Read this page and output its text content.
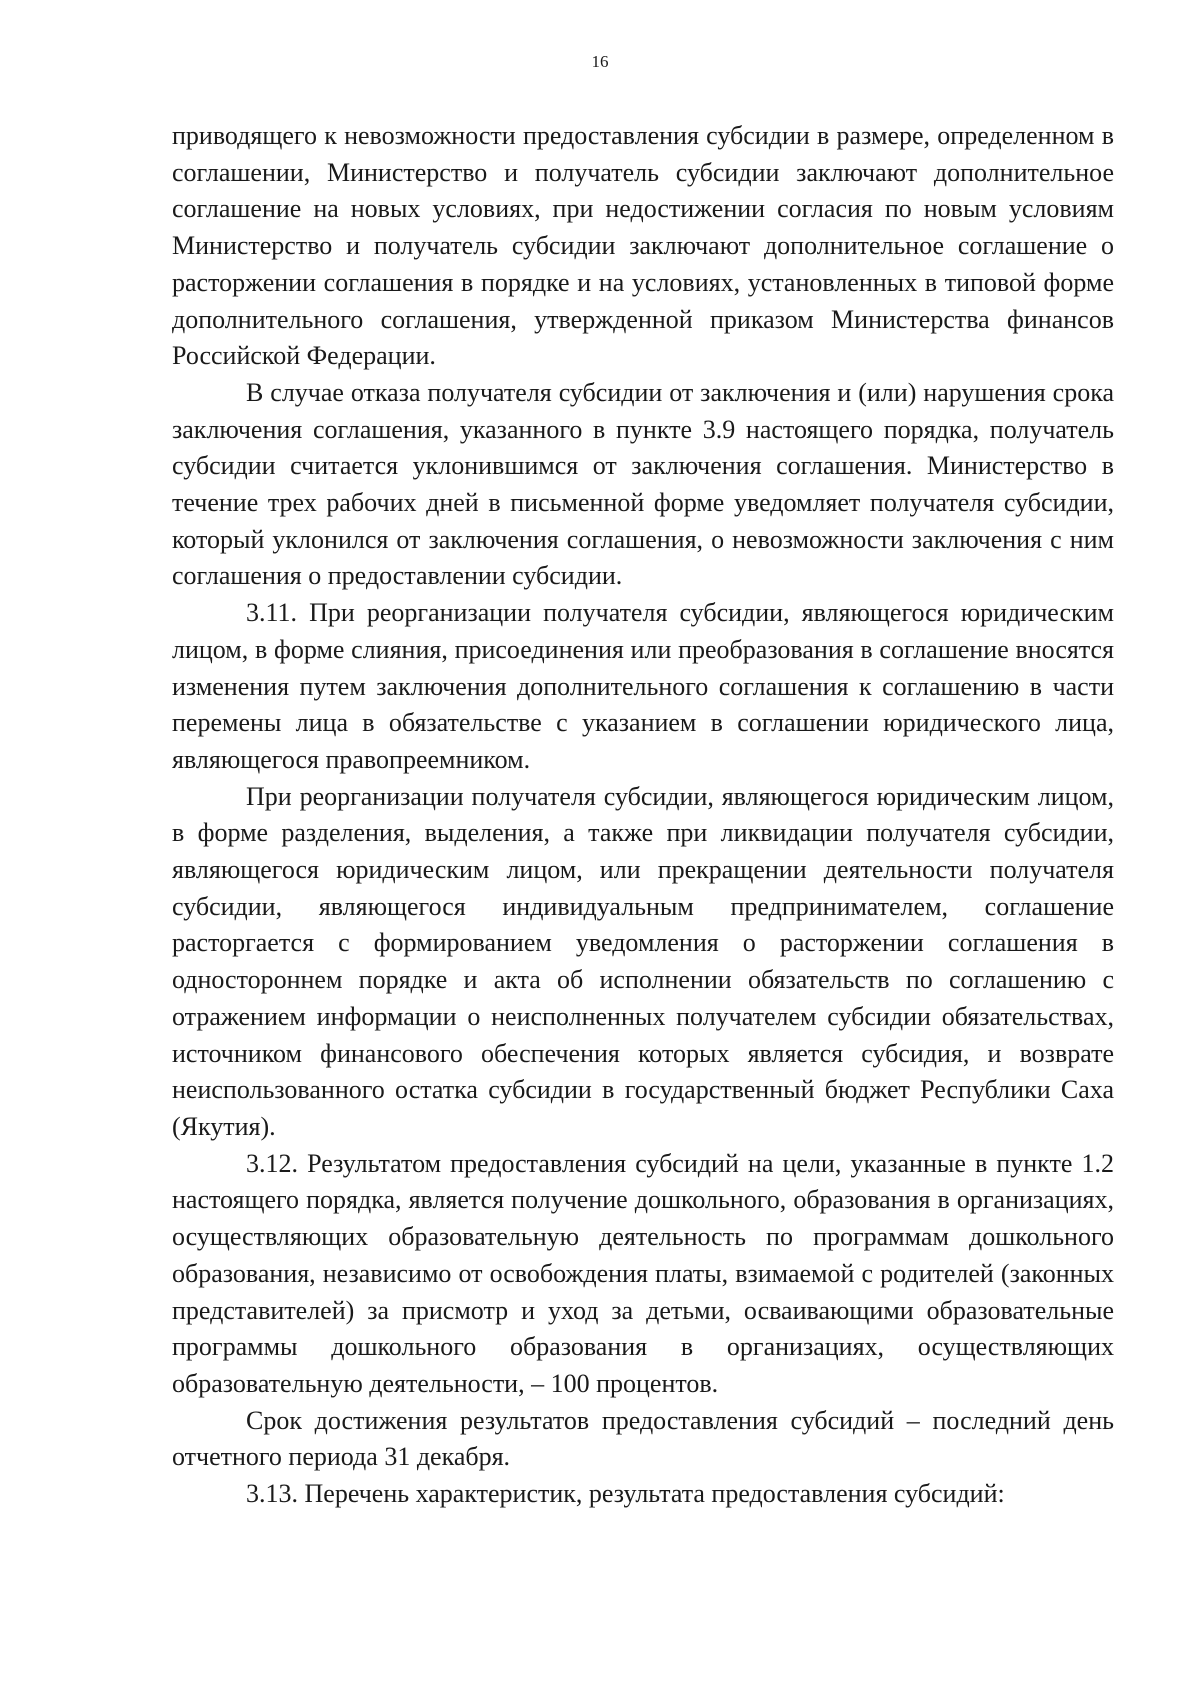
16

приводящего к невозможности предоставления субсидии в размере, определенном в соглашении, Министерство и получатель субсидии заключают дополнительное соглашение на новых условиях, при недостижении согласия по новым условиям Министерство и получатель субсидии заключают дополнительное соглашение о расторжении соглашения в порядке и на условиях, установленных в типовой форме дополнительного соглашения, утвержденной приказом Министерства финансов Российской Федерации.

В случае отказа получателя субсидии от заключения и (или) нарушения срока заключения соглашения, указанного в пункте 3.9 настоящего порядка, получатель субсидии считается уклонившимся от заключения соглашения. Министерство в течение трех рабочих дней в письменной форме уведомляет получателя субсидии, который уклонился от заключения соглашения, о невозможности заключения с ним соглашения о предоставлении субсидии.

3.11. При реорганизации получателя субсидии, являющегося юридическим лицом, в форме слияния, присоединения или преобразования в соглашение вносятся изменения путем заключения дополнительного соглашения к соглашению в части перемены лица в обязательстве с указанием в соглашении юридического лица, являющегося правопреемником.

При реорганизации получателя субсидии, являющегося юридическим лицом, в форме разделения, выделения, а также при ликвидации получателя субсидии, являющегося юридическим лицом, или прекращении деятельности получателя субсидии, являющегося индивидуальным предпринимателем, соглашение расторгается с формированием уведомления о расторжении соглашения в одностороннем порядке и акта об исполнении обязательств по соглашению с отражением информации о неисполненных получателем субсидии обязательствах, источником финансового обеспечения которых является субсидия, и возврате неиспользованного остатка субсидии в государственный бюджет Республики Саха (Якутия).

3.12. Результатом предоставления субсидий на цели, указанные в пункте 1.2 настоящего порядка, является получение дошкольного, образования в организациях, осуществляющих образовательную деятельность по программам дошкольного образования, независимо от освобождения платы, взимаемой с родителей (законных представителей) за присмотр и уход за детьми, осваивающими образовательные программы дошкольного образования в организациях, осуществляющих образовательную деятельности, – 100 процентов.

Срок достижения результатов предоставления субсидий – последний день отчетного периода 31 декабря.

3.13. Перечень характеристик, результата предоставления субсидий:
